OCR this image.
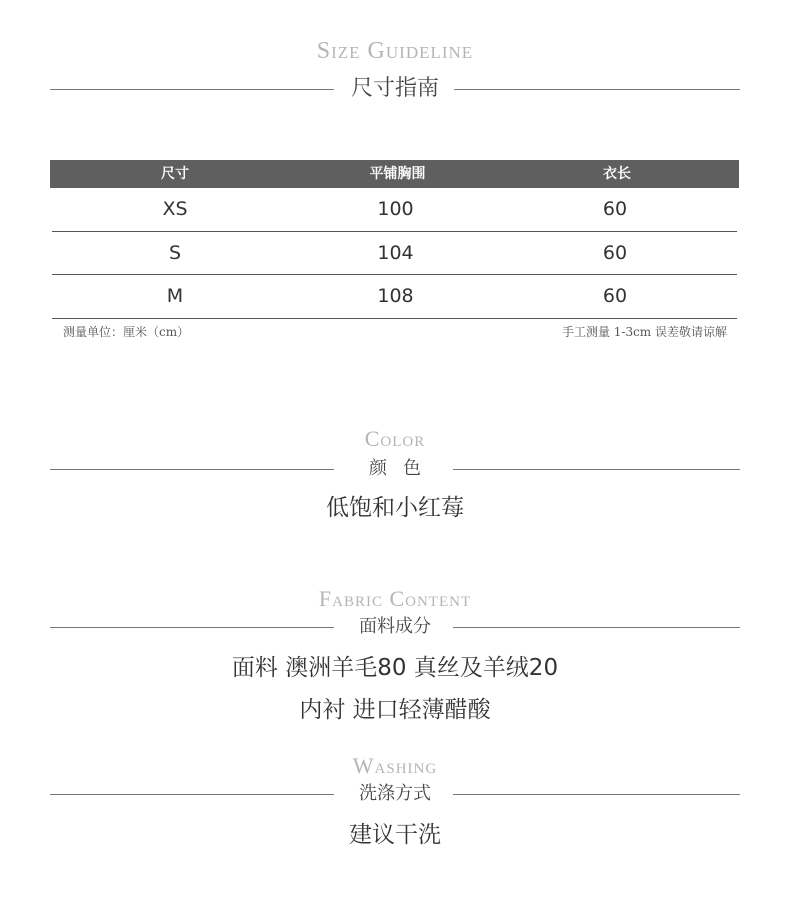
Size Guideline
尺寸指南
尺寸	平铺胸围	衣长
XS	100	60
S	104	60
M	108	60
测量单位：厘米（cm）	手工测量 1-3cm 误差敬请谅解
Color
颜色
低饱和小红莓
Fabric Content
面料成分
面料 澳洲羊毛80 真丝及羊绒20
内衬 进口轻薄醋酸
Washing
洗涤方式
建议干洗
